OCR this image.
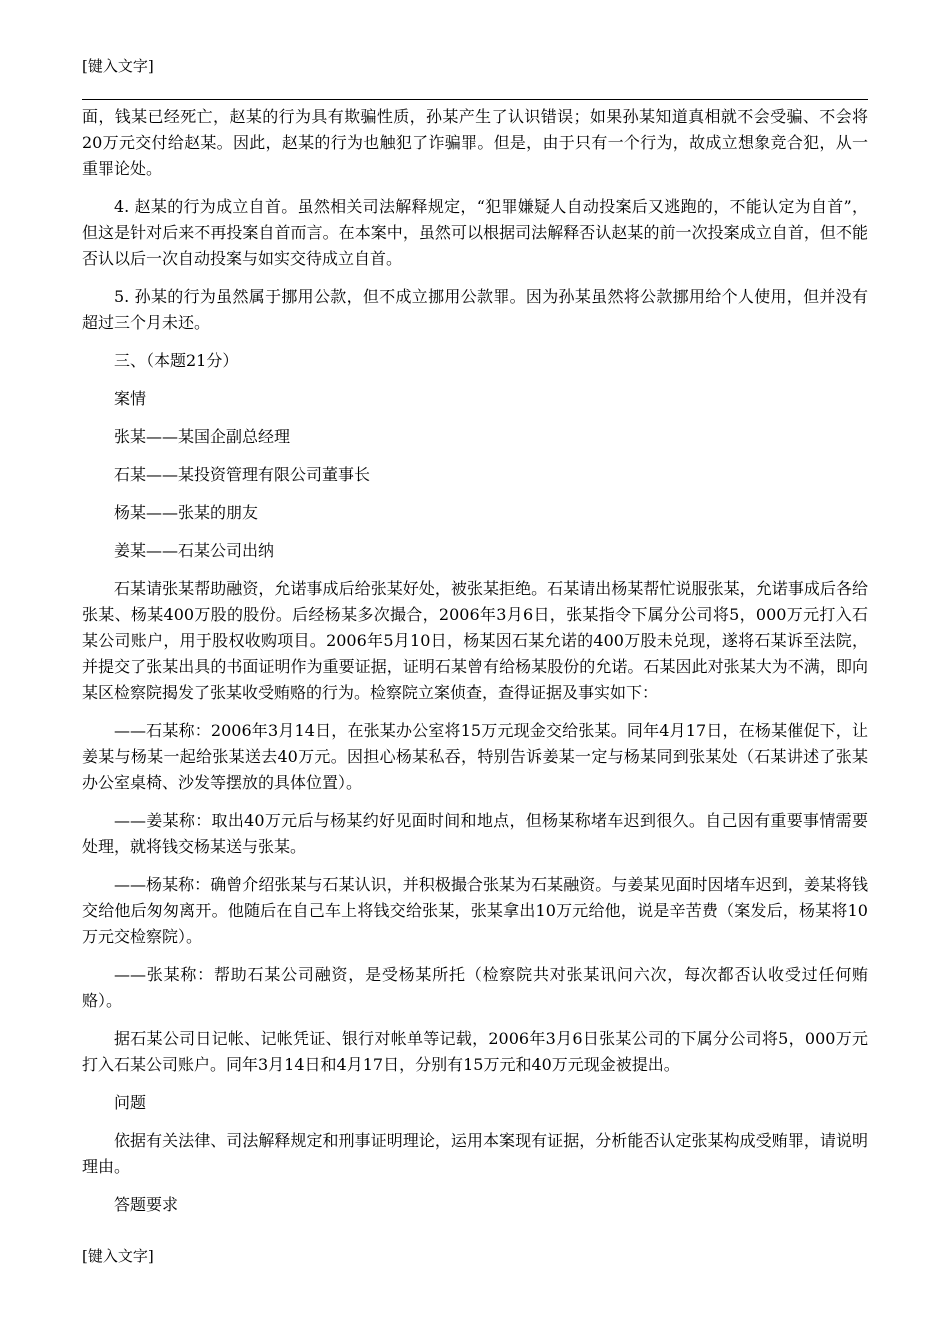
[键入文字]

面，钱某已经死亡，赵某的行为具有欺骗性质，孙某产生了认识错误；如果孙某知道真相就不会受骗、不会将20万元交付给赵某。因此，赵某的行为也触犯了诈骗罪。但是，由于只有一个行为，故成立想象竞合犯，从一重罪论处。

4. 赵某的行为成立自首。虽然相关司法解释规定，“犯罪嫌疑人自动投案后又逃跑的，不能认定为自首”，但这是针对后来不再投案自首而言。在本案中，虽然可以根据司法解释否认赵某的前一次投案成立自首，但不能否认以后一次自动投案与如实交待成立自首。

5. 孙某的行为虽然属于挪用公款，但不成立挪用公款罪。因为孙某虽然将公款挪用给个人使用，但并没有超过三个月未还。

三、（本题21分）

案情

张某——某国企副总经理

石某——某投资管理有限公司董事长

杨某——张某的朋友

姜某——石某公司出纳

石某请张某帮助融资，允诺事成后给张某好处，被张某拒绝。石某请出杨某帮忙说服张某，允诺事成后各给张某、杨某400万股的股份。后经杨某多次撮合，2006年3月6日，张某指令下属分公司将5，000万元打入石某公司账户，用于股权收购项目。2006年5月10日，杨某因石某允诺的400万股未兑现，遂将石某诉至法院，并提交了张某出具的书面证明作为重要证据，证明石某曾有给杨某股份的允诺。石某因此对张某大为不满，即向某区检察院揭发了张某收受贿赂的行为。检察院立案侦查，查得证据及事实如下：

——石某称：2006年3月14日，在张某办公室将15万元现金交给张某。同年4月17日，在杨某催促下，让姜某与杨某一起给张某送去40万元。因担心杨某私吞，特别告诉姜某一定与杨某同到张某处（石某讲述了张某办公室桌椅、沙发等摆放的具体位置）。

——姜某称：取出40万元后与杨某约好见面时间和地点，但杨某称堵车迟到很久。自己因有重要事情需要处理，就将钱交杨某送与张某。

——杨某称：确曾介绍张某与石某认识，并积极撮合张某为石某融资。与姜某见面时因堵车迟到，姜某将钱交给他后匆匆离开。他随后在自己车上将钱交给张某，张某拿出10万元给他，说是辛苦费（案发后，杨某将10万元交检察院）。

——张某称：帮助石某公司融资，是受杨某所托（检察院共对张某讯问六次，每次都否认收受过任何贿赂）。

据石某公司日记帐、记帐凭证、银行对帐单等记载，2006年3月6日张某公司的下属分公司将5，000万元打入石某公司账户。同年3月14日和4月17日，分别有15万元和40万元现金被提出。

问题

依据有关法律、司法解释规定和刑事证明理论，运用本案现有证据，分析能否认定张某构成受贿罪，请说明理由。

答题要求

[键入文字]
